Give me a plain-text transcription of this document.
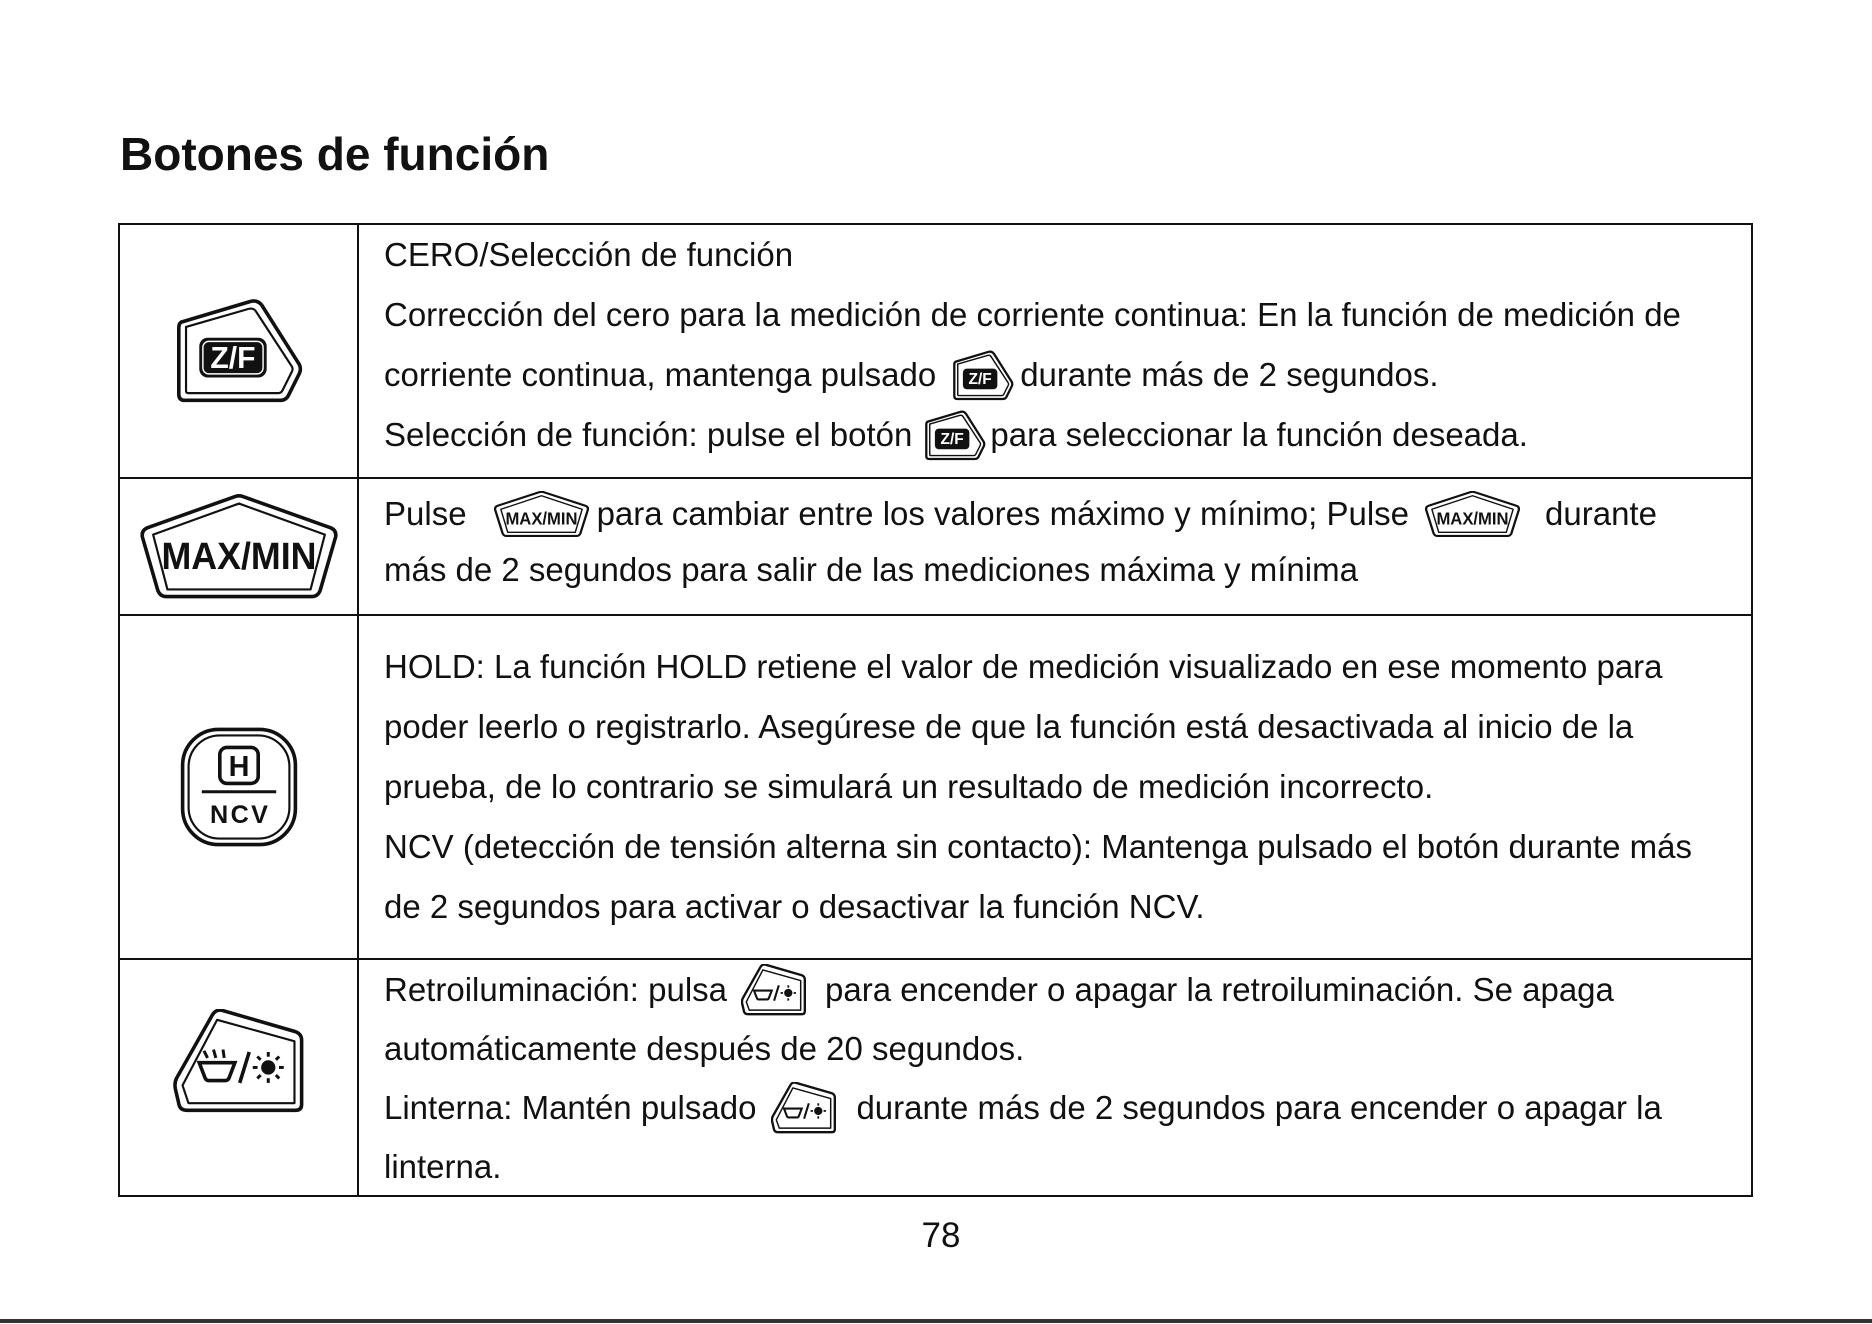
Botones de función
Z/F
CERO/Selección de función
Corrección del cero para la medición de corriente continua: En la función de medición de
corriente continua, mantenga pulsado Z/F durante más de 2 segundos.
Selección de función: pulse el botón Z/F para seleccionar la función deseada.
MAX/MIN
Pulse MAX/MIN para cambiar entre los valores máximo y mínimo; Pulse MAX/MIN durante
más de 2 segundos para salir de las mediciones máxima y mínima
H
NCV
HOLD: La función HOLD retiene el valor de medición visualizado en ese momento para
poder leerlo o registrarlo. Asegúrese de que la función está desactivada al inicio de la
prueba, de lo contrario se simulará un resultado de medición incorrecto.
NCV (detección de tensión alterna sin contacto): Mantenga pulsado el botón durante más
de 2 segundos para activar o desactivar la función NCV.
Retroiluminación: pulsa	para encender o apagar la retroiluminación. Se apaga
automáticamente después de 20 segundos.
Linterna: Mantén pulsado	durante más de 2 segundos para encender o apagar la
linterna.
78
